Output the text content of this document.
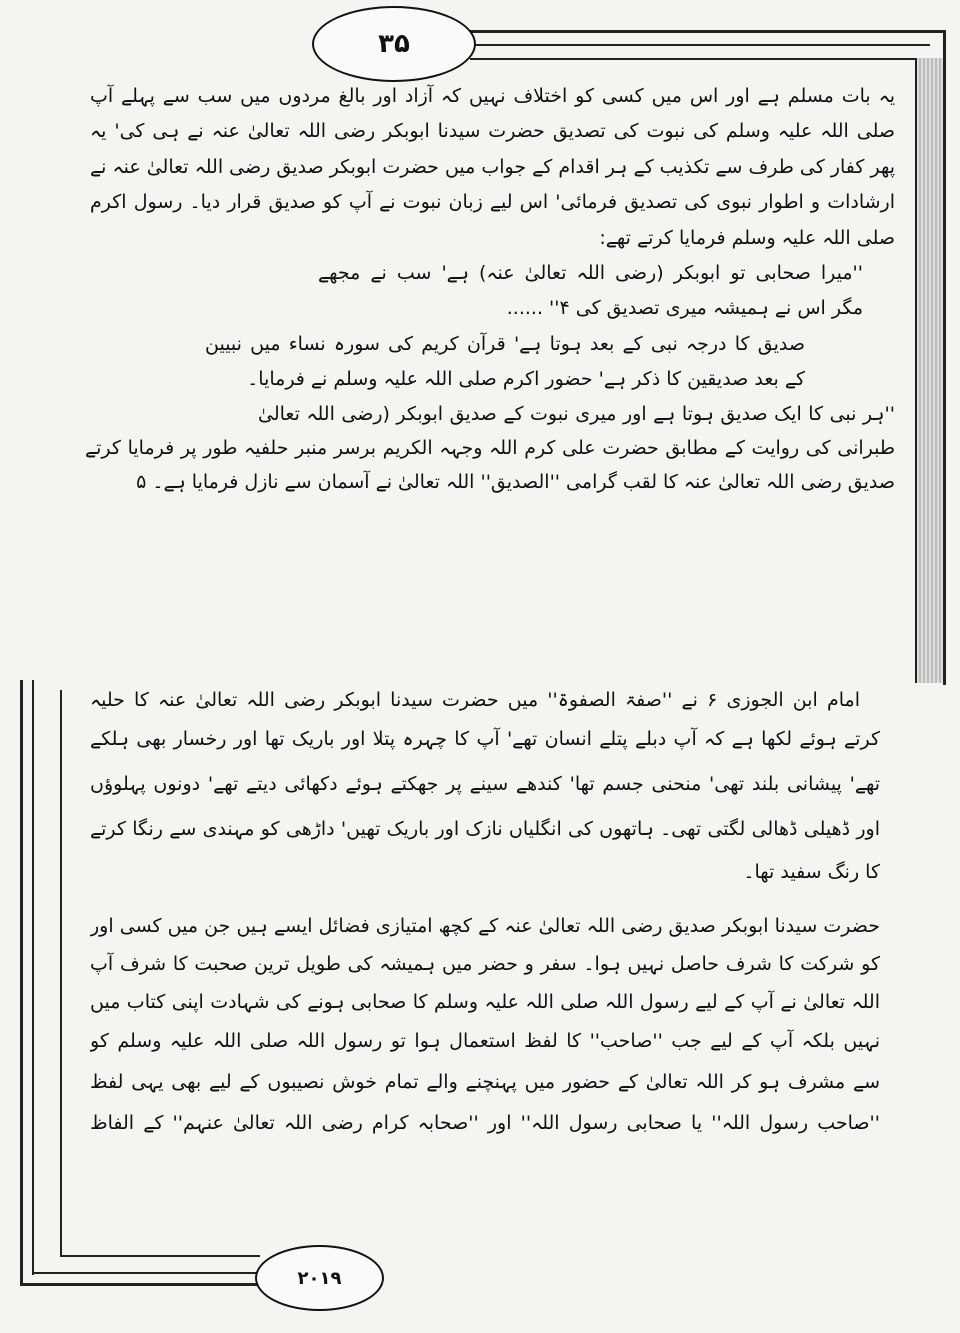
۳۵
۲۰۱۹
یہ بات مسلم ہے اور اس میں کسی کو اختلاف نہیں کہ آزاد اور بالغ مردوں میں سب سے پہلے آپ
صلی اللہ علیہ وسلم کی نبوت کی تصدیق حضرت سیدنا ابوبکر رضی اللہ تعالیٰ عنہ نے ہی کی' یہ
پھر کفار کی طرف سے تکذیب کے ہر اقدام کے جواب میں حضرت ابوبکر صدیق رضی اللہ تعالیٰ عنہ نے
ارشادات و اطوار نبوی کی تصدیق فرمائی' اس لیے زبان نبوت نے آپ کو صدیق قرار دیا۔ رسول اکرم
صلی اللہ علیہ وسلم فرمایا کرتے تھے:
''میرا صحابی تو ابوبکر (رضی اللہ تعالیٰ عنہ) ہے' سب نے مجھے
مگر اس نے ہمیشہ میری تصدیق کی ۴'' ......
صدیق کا درجہ نبی کے بعد ہوتا ہے' قرآن کریم کی سورہ نساء میں نبیین
کے بعد صدیقین کا ذکر ہے' حضور اکرم صلی اللہ علیہ وسلم نے فرمایا۔
''ہر نبی کا ایک صدیق ہوتا ہے اور میری نبوت کے صدیق ابوبکر (رضی اللہ تعالیٰ
طبرانی کی روایت کے مطابق حضرت علی کرم اللہ وجہہ الکریم برسر منبر حلفیہ طور پر فرمایا کرتے
صدیق رضی اللہ تعالیٰ عنہ کا لقب گرامی ''الصدیق'' اللہ تعالیٰ نے آسمان سے نازل فرمایا ہے۔ ۵
امام ابن الجوزی ۶ نے ''صفۃ الصفوۃ'' میں حضرت سیدنا ابوبکر رضی اللہ تعالیٰ عنہ کا حلیہ
کرتے ہوئے لکھا ہے کہ آپ دبلے پتلے انسان تھے' آپ کا چہرہ پتلا اور باریک تھا اور رخسار بھی ہلکے
تھے' پیشانی بلند تھی' منحنی جسم تھا' کندھے سینے پر جھکتے ہوئے دکھائی دیتے تھے' دونوں پہلوؤں
اور ڈھیلی ڈھالی لگتی تھی۔ ہاتھوں کی انگلیاں نازک اور باریک تھیں' داڑھی کو مہندی سے رنگا کرتے
کا رنگ سفید تھا۔
حضرت سیدنا ابوبکر صدیق رضی اللہ تعالیٰ عنہ کے کچھ امتیازی فضائل ایسے ہیں جن میں کسی اور
کو شرکت کا شرف حاصل نہیں ہوا۔ سفر و حضر میں ہمیشہ کی طویل ترین صحبت کا شرف آپ
اللہ تعالیٰ نے آپ کے لیے رسول اللہ صلی اللہ علیہ وسلم کا صحابی ہونے کی شہادت اپنی کتاب میں
نہیں بلکہ آپ کے لیے جب ''صاحب'' کا لفظ استعمال ہوا تو رسول اللہ صلی اللہ علیہ وسلم کو
سے مشرف ہو کر اللہ تعالیٰ کے حضور میں پہنچنے والے تمام خوش نصیبوں کے لیے بھی یہی لفظ
''صاحب رسول اللہ'' یا صحابی رسول اللہ'' اور ''صحابہ کرام رضی اللہ تعالیٰ عنہم'' کے الفاظ
